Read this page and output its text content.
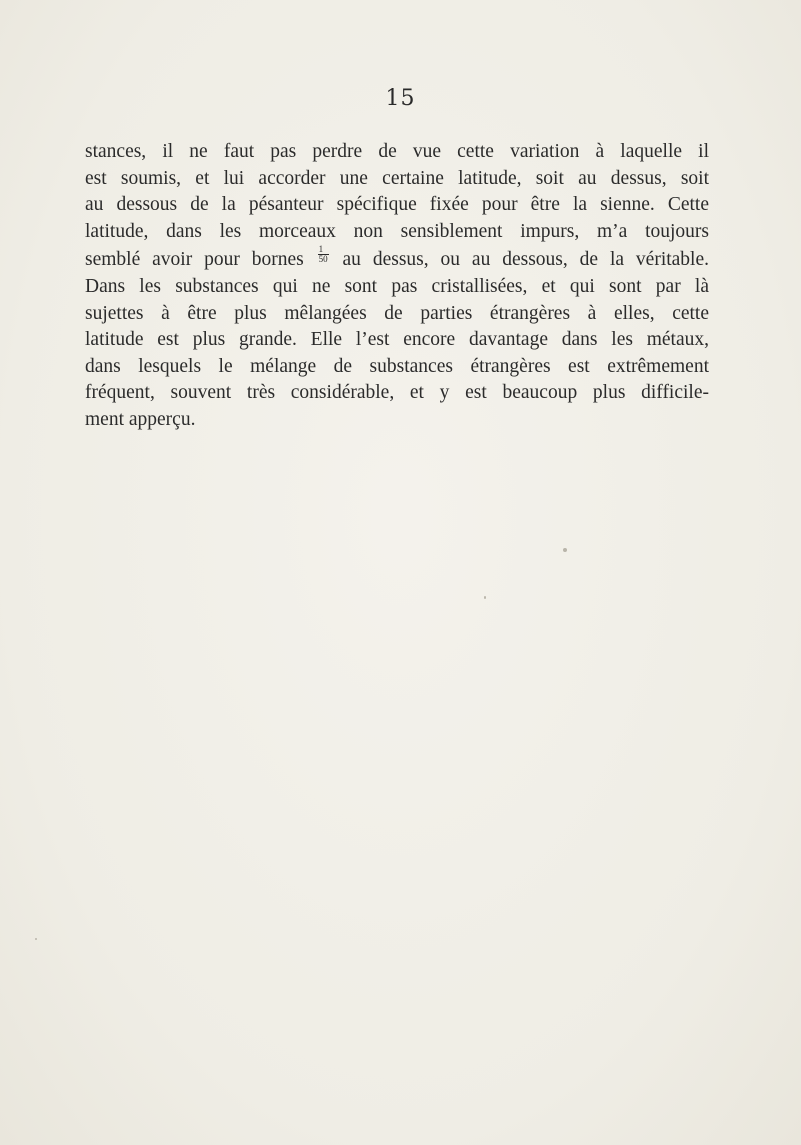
15
stances, il ne faut pas perdre de vue cette variation à laquelle il
est soumis, et lui accorder une certaine latitude, soit au dessus, soit
au dessous de la pésanteur spécifique fixée pour être la sienne. Cette
latitude, dans les morceaux non sensiblement impurs, m’a toujours
semblé avoir pour bornes $\frac{1}{50}$ au dessus, ou au dessous, de la véritable.
Dans les substances qui ne sont pas cristallisées, et qui sont par là
sujettes à être plus mêlangées de parties étrangères à elles, cette
latitude est plus grande. Elle l’est encore davantage dans les métaux,
dans lesquels le mélange de substances étrangères est extrêmement
fréquent, souvent très considérable, et y est beaucoup plus difficile-
ment apperçu.
